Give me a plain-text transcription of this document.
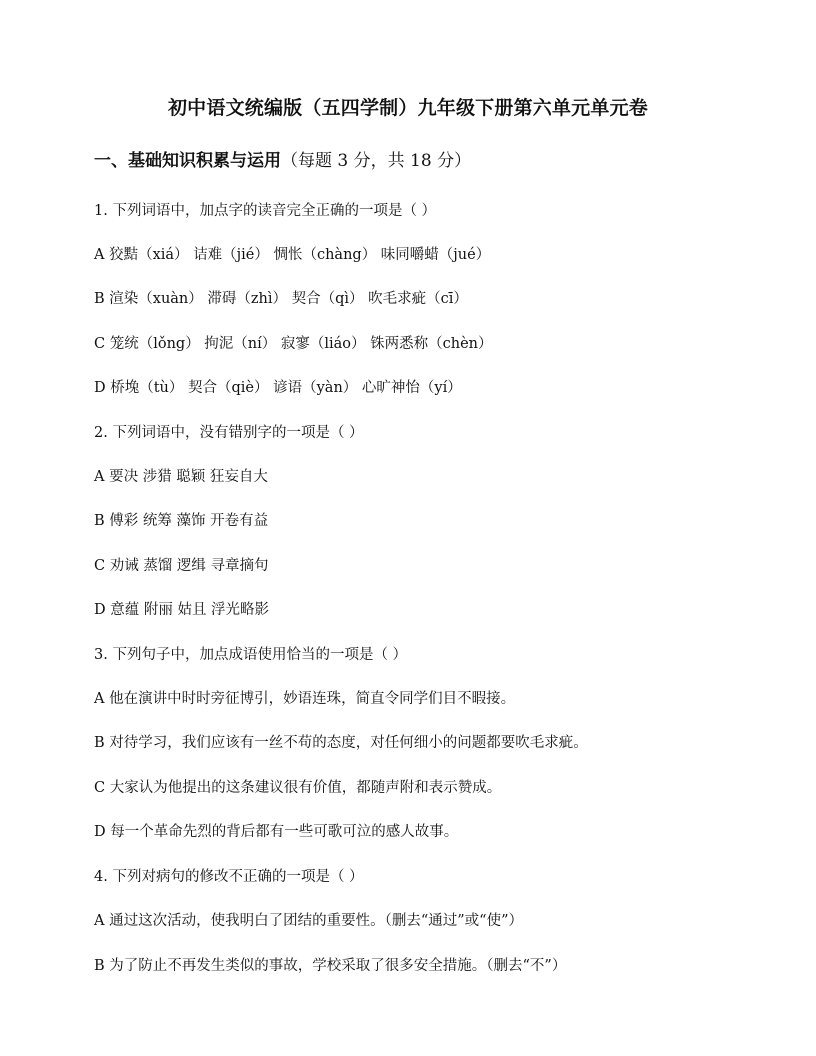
初中语文统编版（五四学制）九年级下册第六单元单元卷
一、基础知识积累与运用（每题 3 分，共 18 分）
1. 下列词语中，加点字的读音完全正确的一项是（ ）
A 狡黠（xiá） 诘难（jié） 惆怅（chàng） 味同嚼蜡（jué）
B 渲染（xuàn） 滞碍（zhì） 契合（qì） 吹毛求疵（cī）
C 笼统（lǒng） 拘泥（ní） 寂寥（liáo） 铢两悉称（chèn）
D 桥堍（tù） 契合（qiè） 谚语（yàn） 心旷神怡（yí）
2. 下列词语中，没有错别字的一项是（ ）
A 要决 涉猎 聪颖 狂妄自大
B 傅彩 统筹 藻饰 开卷有益
C 劝诫 蒸馏 逻缉 寻章摘句
D 意蕴 附丽 姑且 浮光略影
3. 下列句子中，加点成语使用恰当的一项是（ ）
A 他在演讲中时时旁征博引，妙语连珠，简直令同学们目不暇接。
B 对待学习，我们应该有一丝不苟的态度，对任何细小的问题都要吹毛求疵。
C 大家认为他提出的这条建议很有价值，都随声附和表示赞成。
D 每一个革命先烈的背后都有一些可歌可泣的感人故事。
4. 下列对病句的修改不正确的一项是（ ）
A 通过这次活动，使我明白了团结的重要性。（删去“通过”或“使”）
B 为了防止不再发生类似的事故，学校采取了很多安全措施。（删去“不”）
